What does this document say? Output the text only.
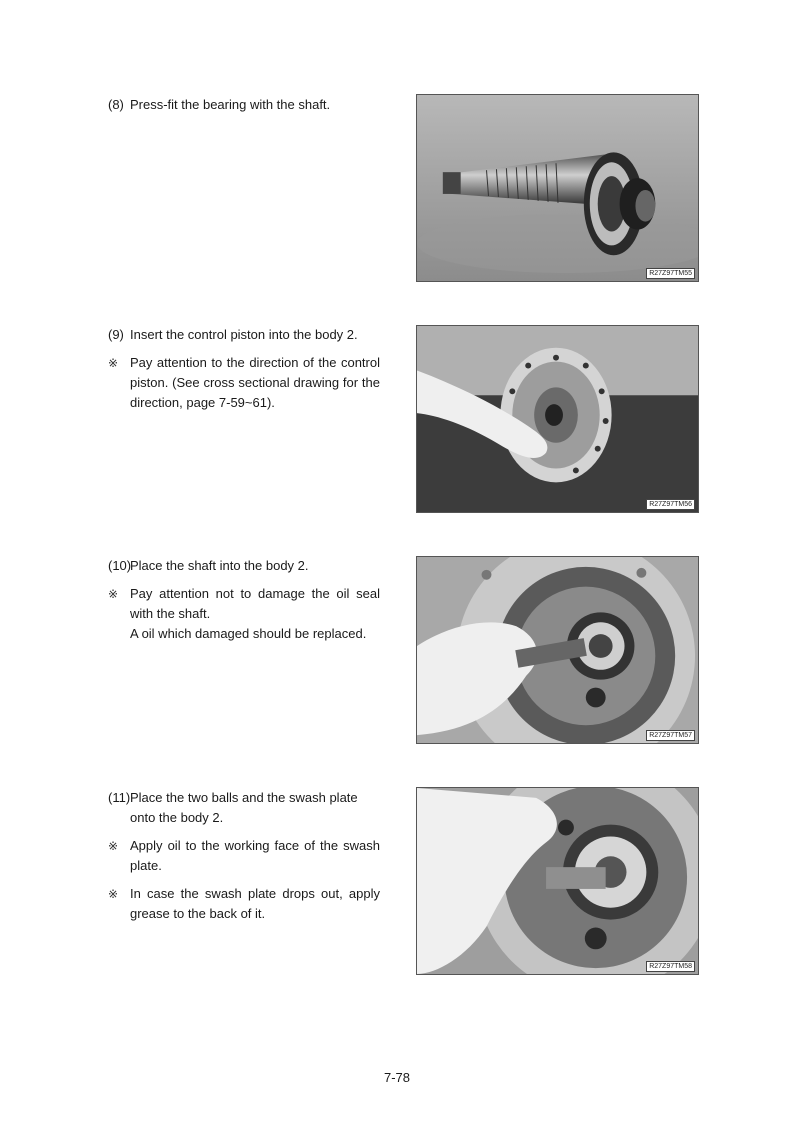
(8) Press-fit the bearing with the shaft.
R27Z97TM55
(9) Insert the control piston into the body 2.
※ Pay attention to the direction of the control piston. (See cross sectional drawing for the direction, page 7-59~61).
R27Z97TM56
(10)
Place the shaft into the body 2.
※ Pay attention not to damage the oil seal with the shaft.
A oil which damaged should be replaced.
R27Z97TM57
(11) Place the two balls and the swash plate onto the body 2.
※ Apply oil to the working face of the swash plate.
※ In case the swash plate drops out, apply grease to the back of it.
R27Z97TM58
7-78
